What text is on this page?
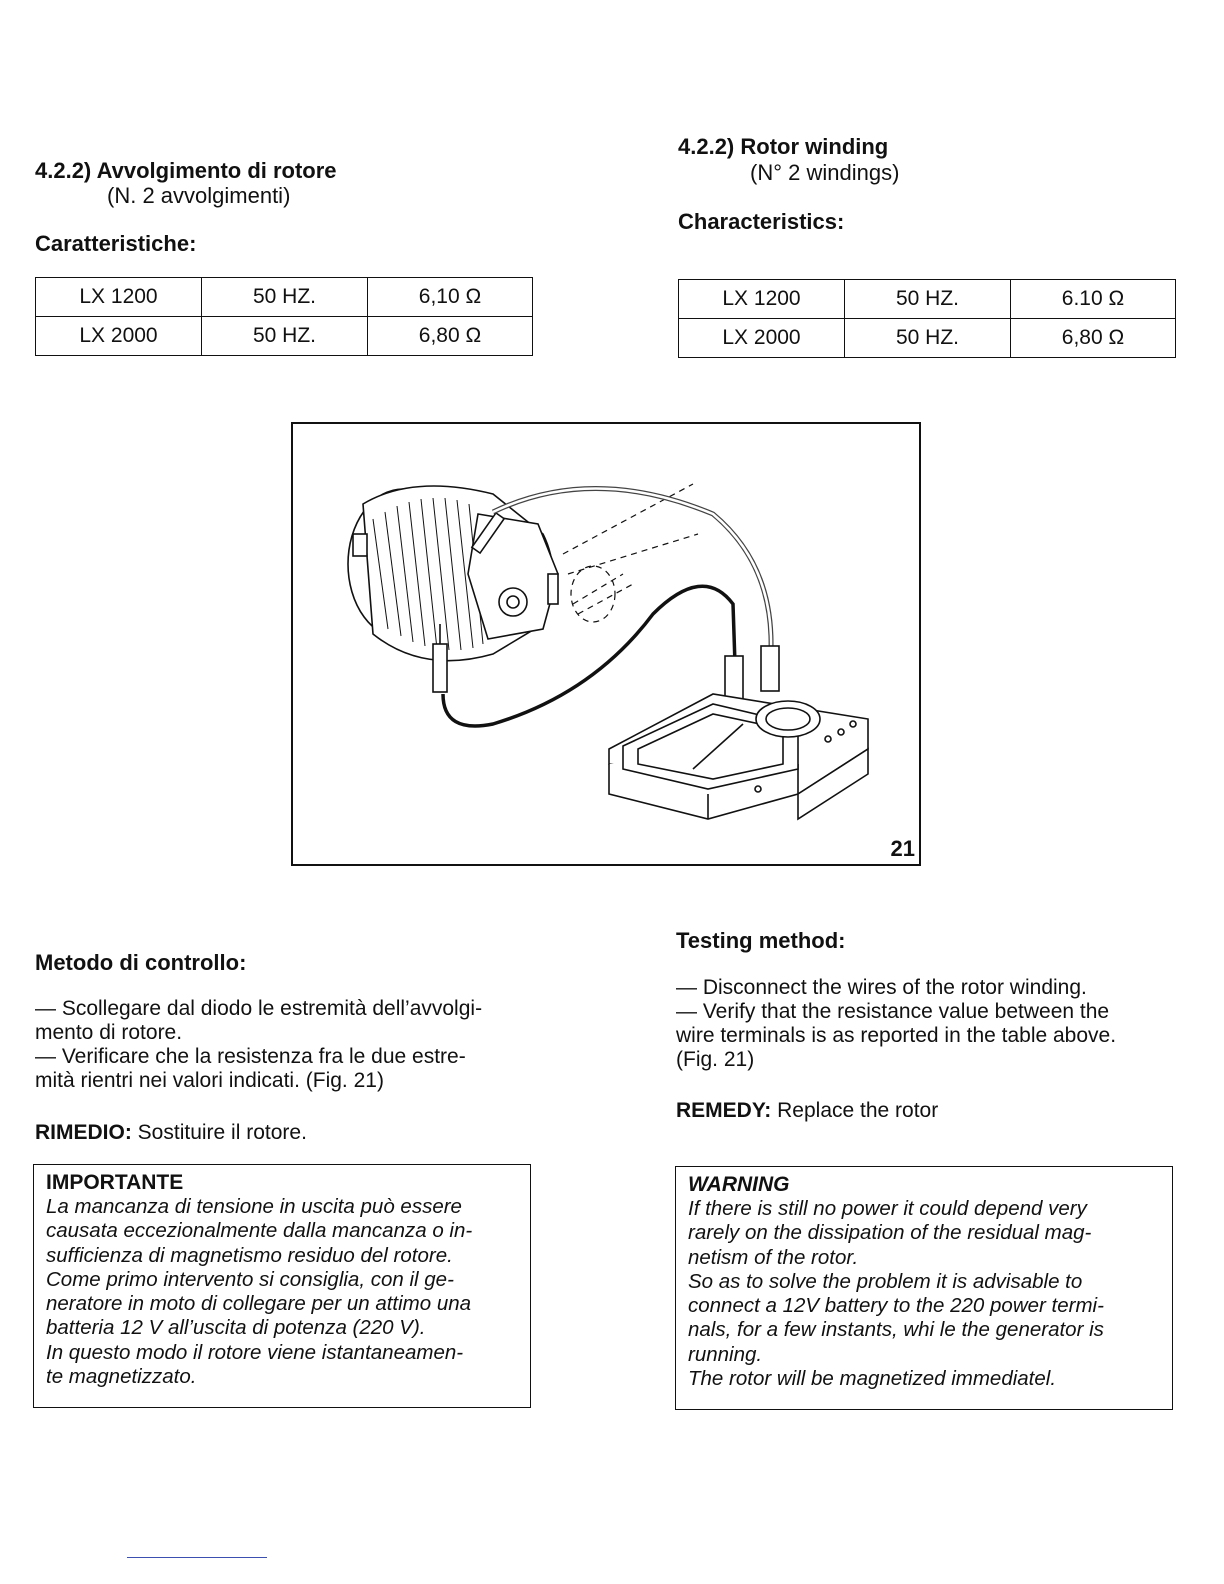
4.2.2) Avvolgimento di rotore
(N. 2 avvolgimenti)
Caratteristiche:
LX 1200	50 HZ.	6,10 Ω
LX 2000	50 HZ.	6,80 Ω
4.2.2) Rotor winding
(N° 2 windings)
Characteristics:
LX 1200	50 HZ.	6.10 Ω
LX 2000	50 HZ.	6,80 Ω
21
Metodo di controllo:
— Scollegare dal diodo le estremità dell’avvolgi-
mento di rotore.
— Verificare che la resistenza fra le due estre-
mità rientri nei valori indicati. (Fig. 21)
RIMEDIO: Sostituire il rotore.
IMPORTANTE
La mancanza di tensione in uscita può essere
causata eccezionalmente dalla mancanza o in-
sufficienza di magnetismo residuo del rotore.
Come primo intervento si consiglia, con il ge-
neratore in moto di collegare per un attimo una
batteria 12 V all’uscita di potenza (220 V).
In questo modo il rotore viene istantaneamen-
te magnetizzato.
Testing method:
— Disconnect the wires of the rotor winding.
— Verify that the resistance value between the
wire terminals is as reported in the table above.
(Fig. 21)
REMEDY: Replace the rotor
WARNING
If there is still no power it could depend very
rarely on the dissipation of the residual mag-
netism of the rotor.
So as to solve the problem it is advisable to
connect a 12V battery to the 220 power termi-
nals, for a few instants, whi le the generator is
running.
The rotor will be magnetized immediatel.
